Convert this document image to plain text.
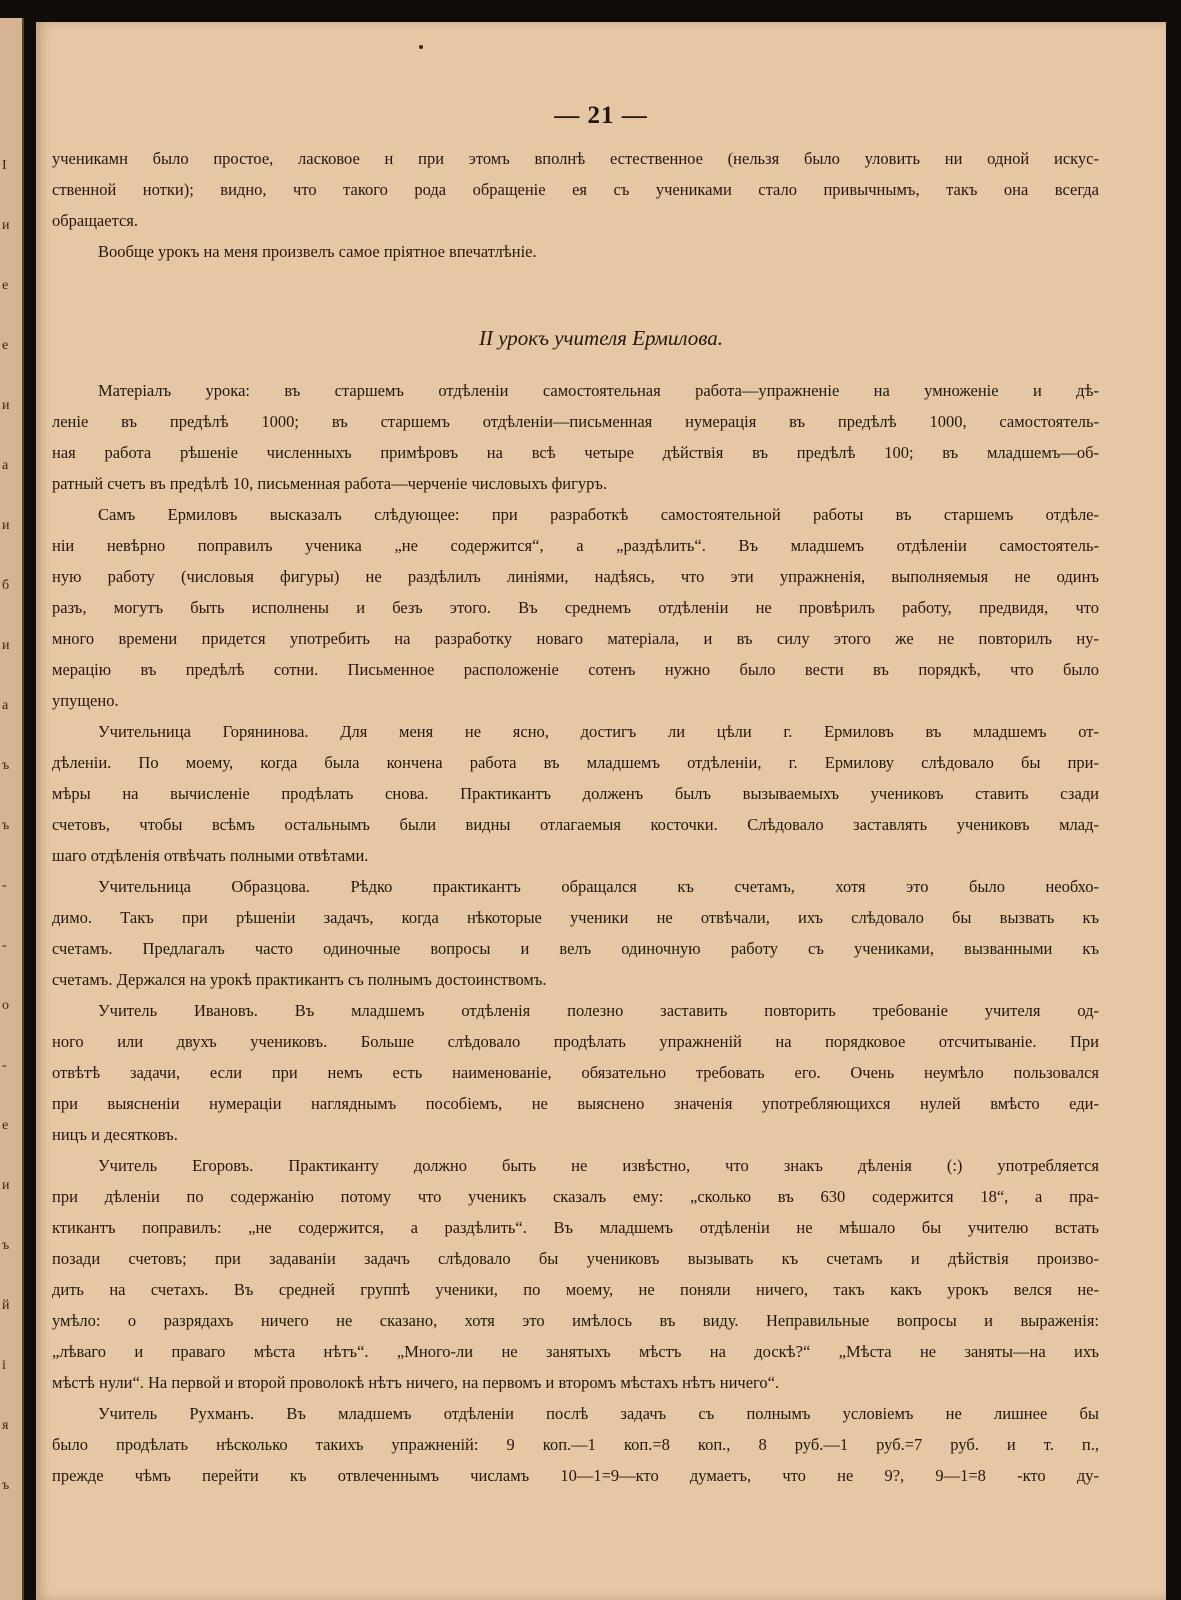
I
и
е
е
и
а
и
б
и
а
ъ
ъ
-
-
о
-
е
и
ъ
й
і
я
ъ
— 21 —
II урокъ учителя Ермилова.
ученикамн было простое, ласковое н при этомъ вполнѣ естественное (нельзя было уловить ни одной искус-
ственной нотки); видно, что такого рода обращеніе ея съ учениками стало привычнымъ, такъ она всегда
обращается.
Вообще урокъ на меня произвелъ самое пріятное впечатлѣніе.
Матеріалъ урока: въ старшемъ отдѣленіи самостоятельная работа—упражненіе на умноженіе и дѣ-
леніе въ предѣлѣ 1000; въ старшемъ отдѣленіи—письменная нумерація въ предѣлѣ 1000, самостоятель-
ная работа рѣшеніе численныхъ примѣровъ на всѣ четыре дѣйствія въ предѣлѣ 100; въ младшемъ—об-
ратный счетъ въ предѣлѣ 10, письменная работа—черченіе числовыхъ фигуръ.
Самъ Ермиловъ высказалъ слѣдующее: при разработкѣ самостоятельной работы въ старшемъ отдѣле-
ніи невѣрно поправилъ ученика „не содержится“, а „раздѣлить“. Въ младшемъ отдѣленіи самостоятель-
ную работу (числовыя фигуры) не раздѣлилъ линіями, надѣясь, что эти упражненія, выполняемыя не одинъ
разъ, могутъ быть исполнены и безъ этого. Въ среднемъ отдѣленіи не провѣрилъ работу, предвидя, что
много времени придется употребить на разработку новаго матеріала, и въ силу этого же не повторилъ ну-
мерацію въ предѣлѣ сотни. Письменное расположеніе сотенъ нужно было вести въ порядкѣ, что было
упущено.
Учительница Горянинова. Для меня не ясно, достигъ ли цѣли г. Ермиловъ въ младшемъ от-
дѣленіи. По моему, когда была кончена работа въ младшемъ отдѣленіи, г. Ермилову слѣдовало бы при-
мѣры на вычисленіе продѣлать снова. Практикантъ долженъ былъ вызываемыхъ учениковъ ставить сзади
счетовъ, чтобы всѣмъ остальнымъ были видны отлагаемыя косточки. Слѣдовало заставлять учениковъ млад-
шаго отдѣленія отвѣчать полными отвѣтами.
Учительница Образцова. Рѣдко практикантъ обращался къ счетамъ, хотя это было необхо-
димо. Такъ при рѣшеніи задачъ, когда нѣкоторые ученики не отвѣчали, ихъ слѣдовало бы вызвать къ
счетамъ. Предлагалъ часто одиночные вопросы и велъ одиночную работу съ учениками, вызванными къ
счетамъ. Держался на урокѣ практикантъ съ полнымъ достоинствомъ.
Учитель Ивановъ. Въ младшемъ отдѣленія полезно заставить повторить требованіе учителя од-
ного или двухъ учениковъ. Больше слѣдовало продѣлать упражненій на порядковое отсчитываніе. При
отвѣтѣ задачи, если при немъ есть наименованіе, обязательно требовать его. Очень неумѣло пользовался
при выясненіи нумераціи нагляднымъ пособіемъ, не выяснено значенія употребляющихся нулей вмѣсто еди-
ницъ и десятковъ.
Учитель Егоровъ. Практиканту должно быть не извѣстно, что знакъ дѣленія (:) употребляется
при дѣленіи по содержанію потому что ученикъ сказалъ ему: „сколько въ 630 содержится 18“, а пра-
ктикантъ поправилъ: „не содержится, а раздѣлить“. Въ младшемъ отдѣленіи не мѣшало бы учителю встать
позади счетовъ; при задаваніи задачъ слѣдовало бы учениковъ вызывать къ счетамъ и дѣйствія произво-
дить на счетахъ. Въ средней группѣ ученики, по моему, не поняли ничего, такъ какъ урокъ велся не-
умѣло: о разрядахъ ничего не сказано, хотя это имѣлось въ виду. Неправильные вопросы и выраженія:
„лѣваго и праваго мѣста нѣтъ“. „Много-ли не занятыхъ мѣстъ на доскѣ?“ „Мѣста не заняты—на ихъ
мѣстѣ нули“. На первой и второй проволокѣ нѣтъ ничего, на первомъ и второмъ мѣстахъ нѣтъ ничего“.
Учитель Рухманъ. Въ младшемъ отдѣленіи послѣ задачъ съ полнымъ условіемъ не лишнее бы
было продѣлать нѣсколько такихъ упражненій: 9 коп.—1 коп.=8 коп., 8 руб.—1 руб.=7 руб. и т. п.,
прежде чѣмъ перейти къ отвлеченнымъ числамъ 10—1=9—кто думаетъ, что не 9?, 9—1=8 -кто ду-
